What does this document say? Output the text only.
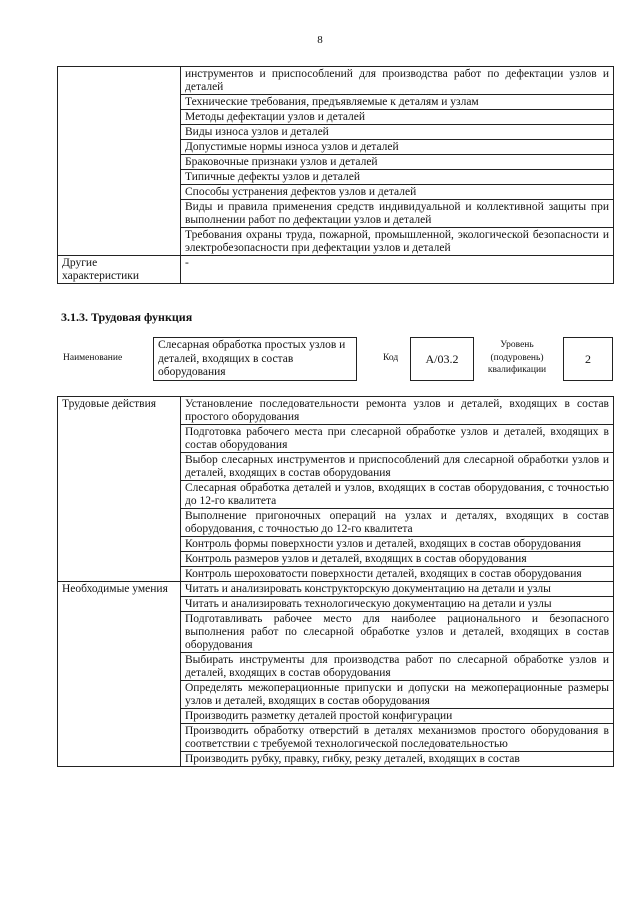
8
	инструментов и приспособлений для производства работ по дефектации узлов и деталей
	Технические требования, предъявляемые к деталям и узлам
	Методы дефектации узлов и деталей
	Виды износа узлов и деталей
	Допустимые нормы износа узлов и деталей
	Браковочные признаки узлов и деталей
	Типичные дефекты узлов и деталей
	Способы устранения дефектов узлов и деталей
	Виды и правила применения средств индивидуальной и коллективной защиты при выполнении работ по дефектации узлов и деталей
	Требования охраны труда, пожарной, промышленной, экологической безопасности и электробезопасности при дефектации узлов и деталей
Другие характеристики	-
3.1.3. Трудовая функция
Наименование
Слесарная обработка простых узлов и деталей, входящих в состав оборудования
Код	А/03.2
Уровень (подуровень) квалификации
2
Трудовые действия	Установление последовательности ремонта узлов и деталей, входящих в состав простого оборудования
	Подготовка рабочего места при слесарной обработке узлов и деталей, входящих в состав оборудования
	Выбор слесарных инструментов и приспособлений для слесарной обработки узлов и деталей, входящих в состав оборудования
	Слесарная обработка деталей и узлов, входящих в состав оборудования, с точностью до 12-го квалитета
	Выполнение пригоночных операций на узлах и деталях, входящих в состав оборудования, с точностью до 12-го квалитета
	Контроль формы поверхности узлов и деталей, входящих в состав оборудования
	Контроль размеров узлов и деталей, входящих в состав оборудования
	Контроль шероховатости поверхности деталей, входящих в состав оборудования
Необходимые умения	Читать и анализировать конструкторскую документацию на детали и узлы
	Читать и анализировать технологическую документацию на детали и узлы
	Подготавливать рабочее место для наиболее рационального и безопасного выполнения работ по слесарной обработке узлов и деталей, входящих в состав оборудования
	Выбирать инструменты для производства работ по слесарной обработке узлов и деталей, входящих в состав оборудования
	Определять межоперационные припуски и допуски на межоперационные размеры узлов и деталей, входящих в состав оборудования
	Производить разметку деталей простой конфигурации
	Производить обработку отверстий в деталях механизмов простого оборудования в соответствии с требуемой технологической последовательностью
	Производить рубку, правку, гибку, резку деталей, входящих в состав
